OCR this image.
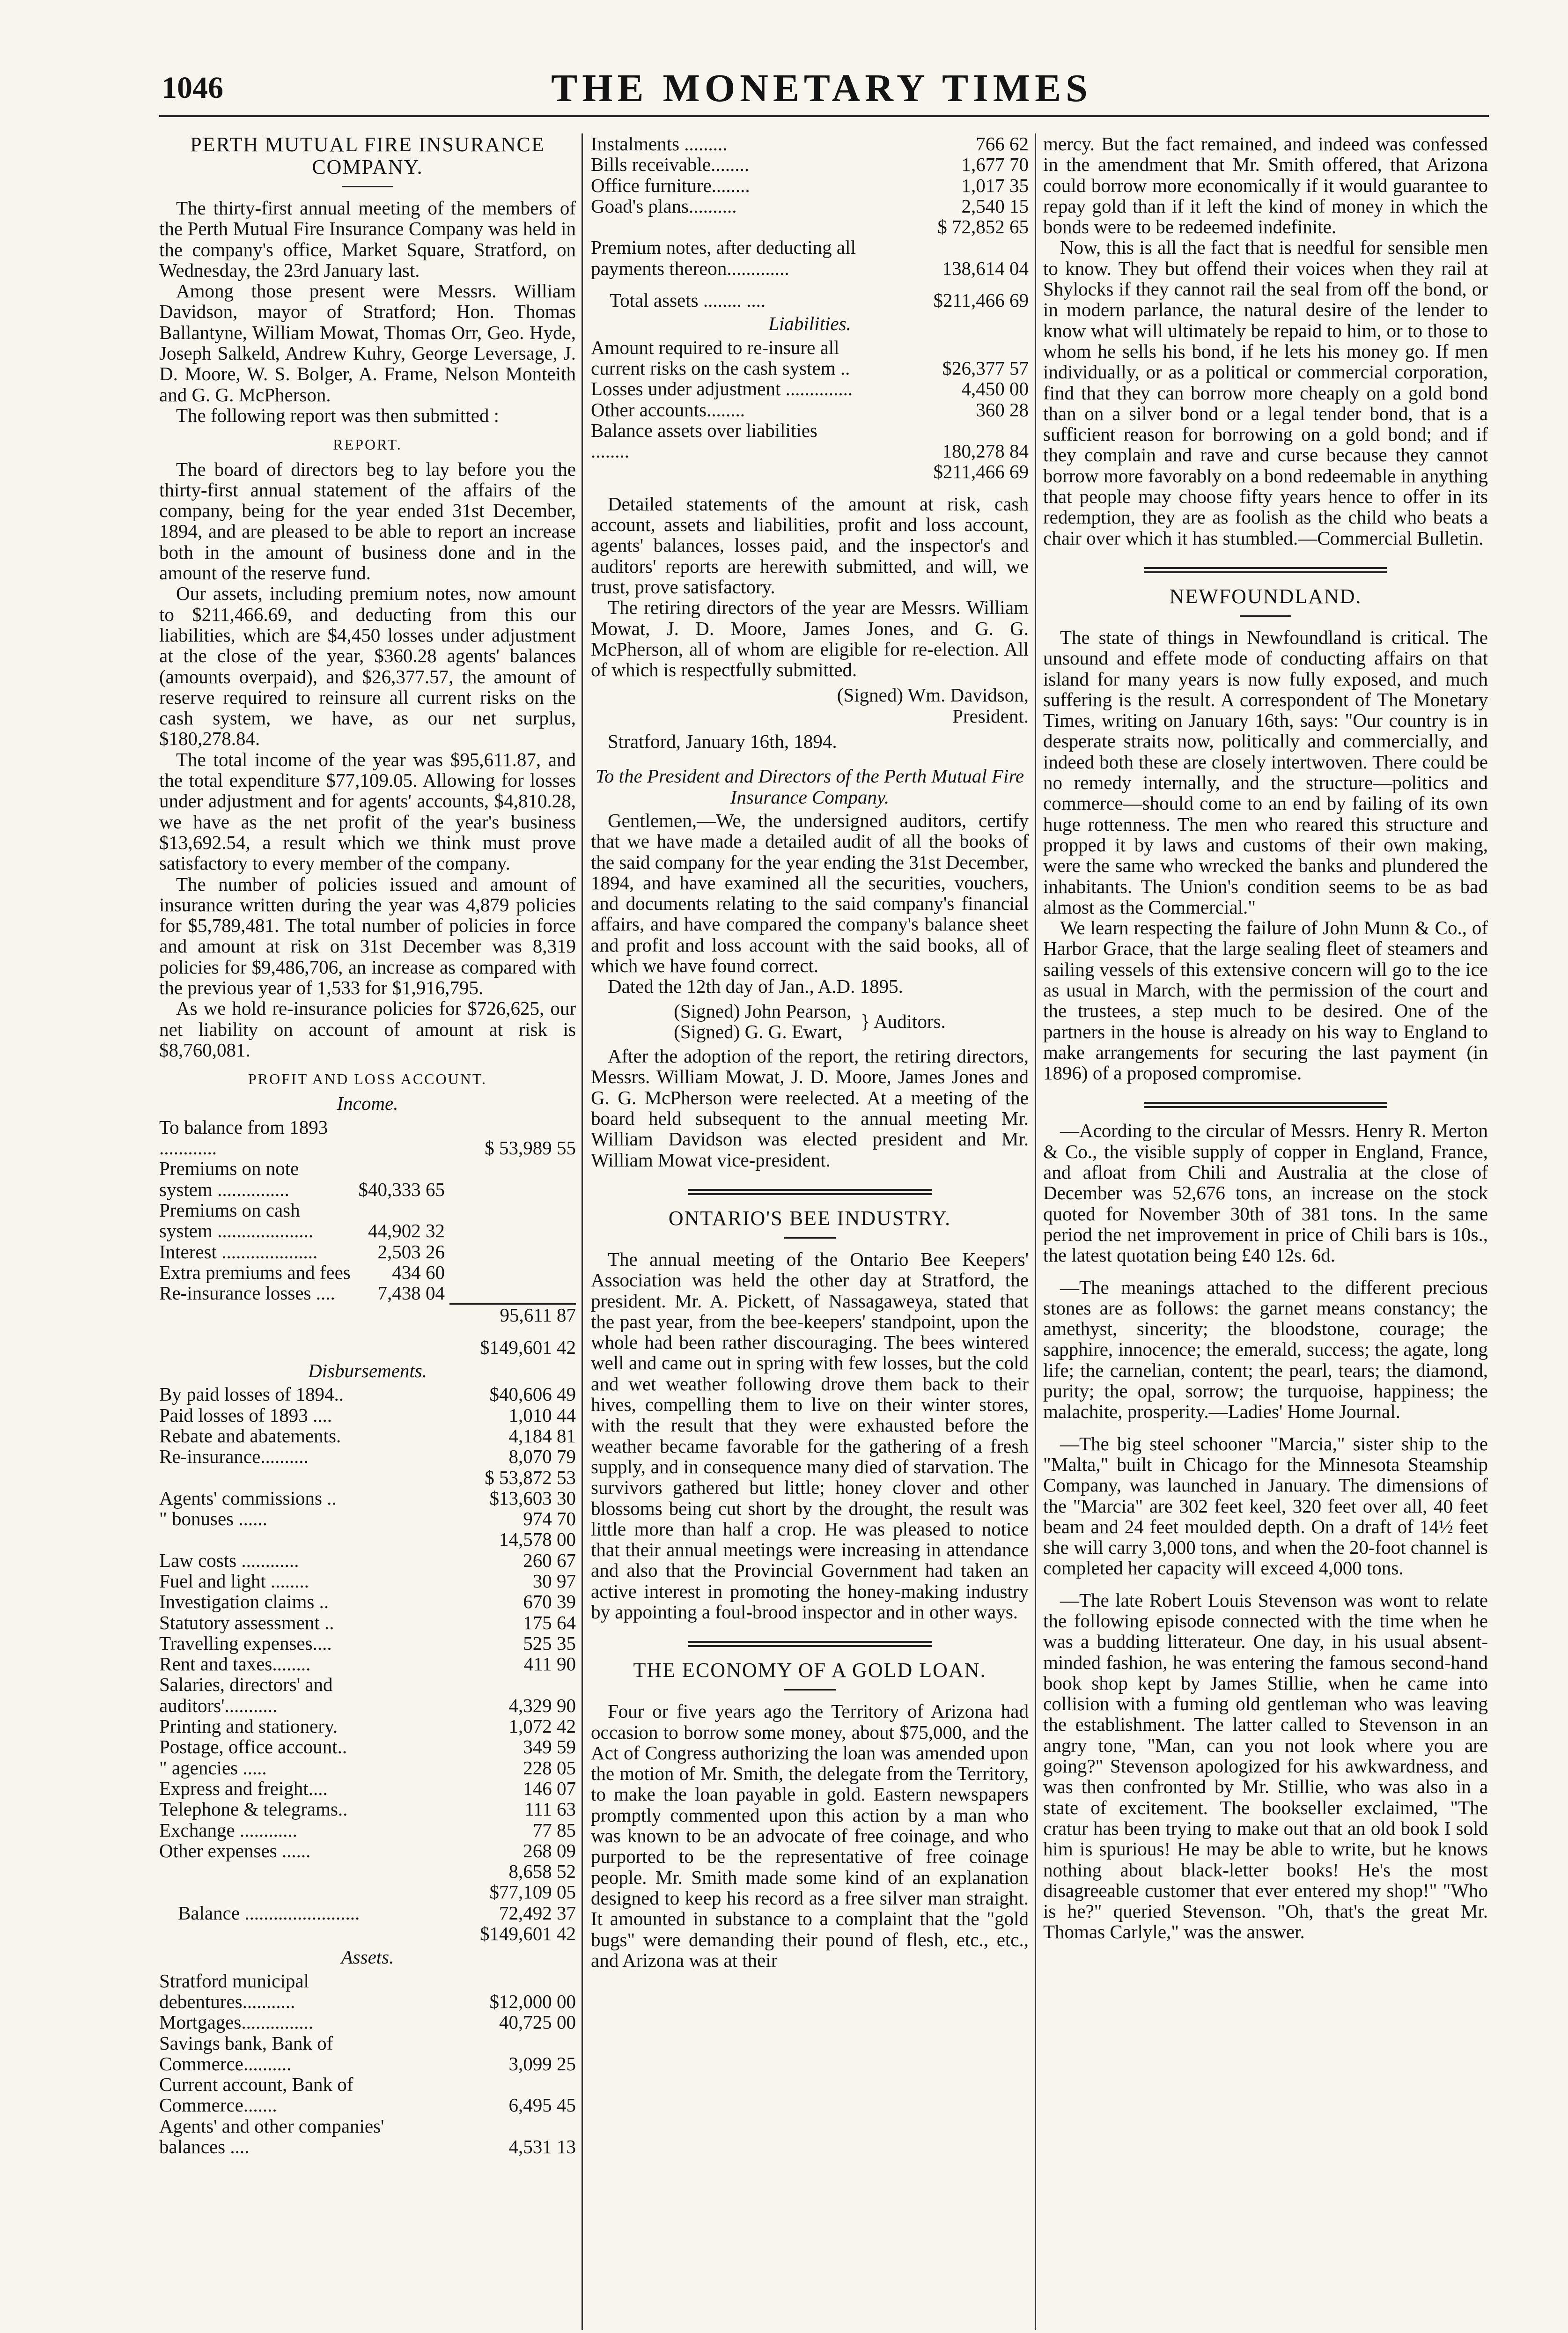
1046	THE MONETARY TIMES
PERTH MUTUAL FIRE INSURANCE COMPANY.

The thirty-first annual meeting of the members of the Perth Mutual Fire Insurance Company was held in the company's office, Market Square, Stratford, on Wednesday, the 23rd January last.

Among those present were Messrs. William Davidson, mayor of Stratford; Hon. Thomas Ballantyne, William Mowat, Thomas Orr, Geo. Hyde, Joseph Salkeld, Andrew Kuhry, George Leversage, J. D. Moore, W. S. Bolger, A. Frame, Nelson Monteith and G. G. McPherson.

The following report was then submitted :

REPORT.

The board of directors beg to lay before you the thirty-first annual statement of the affairs of the company, being for the year ended 31st December, 1894, and are pleased to be able to report an increase both in the amount of business done and in the amount of the reserve fund.

Our assets, including premium notes, now amount to $211,466.69, and deducting from this our liabilities, which are $4,450 losses under adjustment at the close of the year, $360.28 agents' balances (amounts overpaid), and $26,377.57, the amount of reserve required to reinsure all current risks on the cash system, we have, as our net surplus, $180,278.84.

The total income of the year was $95,611.87, and the total expenditure $77,109.05. Allowing for losses under adjustment and for agents' accounts, $4,810.28, we have as the net profit of the year's business $13,692.54, a result which we think must prove satisfactory to every member of the company.

The number of policies issued and amount of insurance written during the year was 4,879 policies for $5,789,481. The total number of policies in force and amount at risk on 31st December was 8,319 policies for $9,486,706, an increase as compared with the previous year of 1,533 for $1,916,795.

As we hold re-insurance policies for $726,625, our net liability on account of amount at risk is $8,760,081.

PROFIT AND LOSS ACCOUNT.
Income.
To balance from 1893 ............	$ 53,989 55
Premiums on note system ...............	$40,333 65
Premiums on cash system ....................	44,902 32
Interest ....................	2,503 26
Extra premiums and fees	434 60
Re-insurance losses ....	7,438 04
95,611 87
$149,601 42
Disbursements.
By paid losses of 1894..	$40,606 49
Paid losses of 1893 ....	1,010 44
Rebate and abatements.	4,184 81
Re-insurance..........	8,070 79
$ 53,872 53
Agents' commissions ..	$13,603 30
" bonuses ......	974 70
14,578 00
Law costs ............	260 67
Fuel and light ........	30 97
Investigation claims ..	670 39
Statutory assessment ..	175 64
Travelling expenses....	525 35
Rent and taxes........	411 90
Salaries, directors' and auditors'...........	4,329 90
Printing and stationery.	1,072 42
Postage, office account..	349 59
" agencies .....	228 05
Express and freight....	146 07
Telephone & telegrams..	111 63
Exchange ............	77 85
Other expenses ......	268 09
8,658 52
$77,109 05
Balance ........................	72,492 37
$149,601 42
Assets.
Stratford municipal debentures...........	$12,000 00
Mortgages...............	40,725 00
Savings bank, Bank of Commerce..........	3,099 25
Current account, Bank of Commerce.......	6,495 45
Agents' and other companies' balances ....	4,531 13
Instalments .........	766 62
Bills receivable........	1,677 70
Office furniture........	1,017 35
Goad's plans..........	2,540 15
$ 72,852 65
Premium notes, after deducting all payments thereon.............	138,614 04
Total assets ........ ....	$211,466 69
Liabilities.
Amount required to re-insure all current risks on the cash system ..	$26,377 57
Losses under adjustment ..............	4,450 00
Other accounts........	360 28
Balance assets over liabilities ........	180,278 84
$211,466 69

Detailed statements of the amount at risk, cash account, assets and liabilities, profit and loss account, agents' balances, losses paid, and the inspector's and auditors' reports are herewith submitted, and will, we trust, prove satisfactory.

The retiring directors of the year are Messrs. William Mowat, J. D. Moore, James Jones, and G. G. McPherson, all of whom are eligible for re-election. All of which is respectfully submitted.

(Signed) Wm. Davidson,
President.

Stratford, January 16th, 1894.

To the President and Directors of the Perth Mutual Fire Insurance Company.

Gentlemen,—We, the undersigned auditors, certify that we have made a detailed audit of all the books of the said company for the year ending the 31st December, 1894, and have examined all the securities, vouchers, and documents relating to the said company's financial affairs, and have compared the company's balance sheet and profit and loss account with the said books, all of which we have found correct.

Dated the 12th day of Jan., A.D. 1895.

(Signed) John Pearson,
(Signed) G. G. Ewart, } Auditors.

After the adoption of the report, the retiring directors, Messrs. William Mowat, J. D. Moore, James Jones and G. G. McPherson were reelected. At a meeting of the board held subsequent to the annual meeting Mr. William Davidson was elected president and Mr. William Mowat vice-president.

ONTARIO'S BEE INDUSTRY.

The annual meeting of the Ontario Bee Keepers' Association was held the other day at Stratford, the president. Mr. A. Pickett, of Nassagaweya, stated that the past year, from the bee-keepers' standpoint, upon the whole had been rather discouraging. The bees wintered well and came out in spring with few losses, but the cold and wet weather following drove them back to their hives, compelling them to live on their winter stores, with the result that they were exhausted before the weather became favorable for the gathering of a fresh supply, and in consequence many died of starvation. The survivors gathered but little; honey clover and other blossoms being cut short by the drought, the result was little more than half a crop. He was pleased to notice that their annual meetings were increasing in attendance and also that the Provincial Government had taken an active interest in promoting the honey-making industry by appointing a foul-brood inspector and in other ways.

THE ECONOMY OF A GOLD LOAN.

Four or five years ago the Territory of Arizona had occasion to borrow some money, about $75,000, and the Act of Congress authorizing the loan was amended upon the motion of Mr. Smith, the delegate from the Territory, to make the loan payable in gold. Eastern newspapers promptly commented upon this action by a man who was known to be an advocate of free coinage, and who purported to be the representative of free coinage people. Mr. Smith made some kind of an explanation designed to keep his record as a free silver man straight. It amounted in substance to a complaint that the "gold bugs" were demanding their pound of flesh, etc., etc., and Arizona was at their

mercy. But the fact remained, and indeed was confessed in the amendment that Mr. Smith offered, that Arizona could borrow more economically if it would guarantee to repay gold than if it left the kind of money in which the bonds were to be redeemed indefinite.

Now, this is all the fact that is needful for sensible men to know. They but offend their voices when they rail at Shylocks if they cannot rail the seal from off the bond, or in modern parlance, the natural desire of the lender to know what will ultimately be repaid to him, or to those to whom he sells his bond, if he lets his money go. If men individually, or as a political or commercial corporation, find that they can borrow more cheaply on a gold bond than on a silver bond or a legal tender bond, that is a sufficient reason for borrowing on a gold bond; and if they complain and rave and curse because they cannot borrow more favorably on a bond redeemable in anything that people may choose fifty years hence to offer in its redemption, they are as foolish as the child who beats a chair over which it has stumbled.—Commercial Bulletin.

NEWFOUNDLAND.

The state of things in Newfoundland is critical. The unsound and effete mode of conducting affairs on that island for many years is now fully exposed, and much suffering is the result. A correspondent of The Monetary Times, writing on January 16th, says: "Our country is in desperate straits now, politically and commercially, and indeed both these are closely intertwoven. There could be no remedy internally, and the structure—politics and commerce—should come to an end by failing of its own huge rottenness. The men who reared this structure and propped it by laws and customs of their own making, were the same who wrecked the banks and plundered the inhabitants. The Union's condition seems to be as bad almost as the Commercial."

We learn respecting the failure of John Munn & Co., of Harbor Grace, that the large sealing fleet of steamers and sailing vessels of this extensive concern will go to the ice as usual in March, with the permission of the court and the trustees, a step much to be desired. One of the partners in the house is already on his way to England to make arrangements for securing the last payment (in 1896) of a proposed compromise.

—Acording to the circular of Messrs. Henry R. Merton & Co., the visible supply of copper in England, France, and afloat from Chili and Australia at the close of December was 52,676 tons, an increase on the stock quoted for November 30th of 381 tons. In the same period the net improvement in price of Chili bars is 10s., the latest quotation being £40 12s. 6d.

—The meanings attached to the different precious stones are as follows: the garnet means constancy; the amethyst, sincerity; the bloodstone, courage; the sapphire, innocence; the emerald, success; the agate, long life; the carnelian, content; the pearl, tears; the diamond, purity; the opal, sorrow; the turquoise, happiness; the malachite, prosperity.—Ladies' Home Journal.

—The big steel schooner "Marcia," sister ship to the "Malta," built in Chicago for the Minnesota Steamship Company, was launched in January. The dimensions of the "Marcia" are 302 feet keel, 320 feet over all, 40 feet beam and 24 feet moulded depth. On a draft of 14½ feet she will carry 3,000 tons, and when the 20-foot channel is completed her capacity will exceed 4,000 tons.

—The late Robert Louis Stevenson was wont to relate the following episode connected with the time when he was a budding litterateur. One day, in his usual absent-minded fashion, he was entering the famous second-hand book shop kept by James Stillie, when he came into collision with a fuming old gentleman who was leaving the establishment. The latter called to Stevenson in an angry tone, "Man, can you not look where you are going?" Stevenson apologized for his awkwardness, and was then confronted by Mr. Stillie, who was also in a state of excitement. The bookseller exclaimed, "The cratur has been trying to make out that an old book I sold him is spurious! He may be able to write, but he knows nothing about black-letter books! He's the most disagreeable customer that ever entered my shop!" "Who is he?" queried Stevenson. "Oh, that's the great Mr. Thomas Carlyle," was the answer.
